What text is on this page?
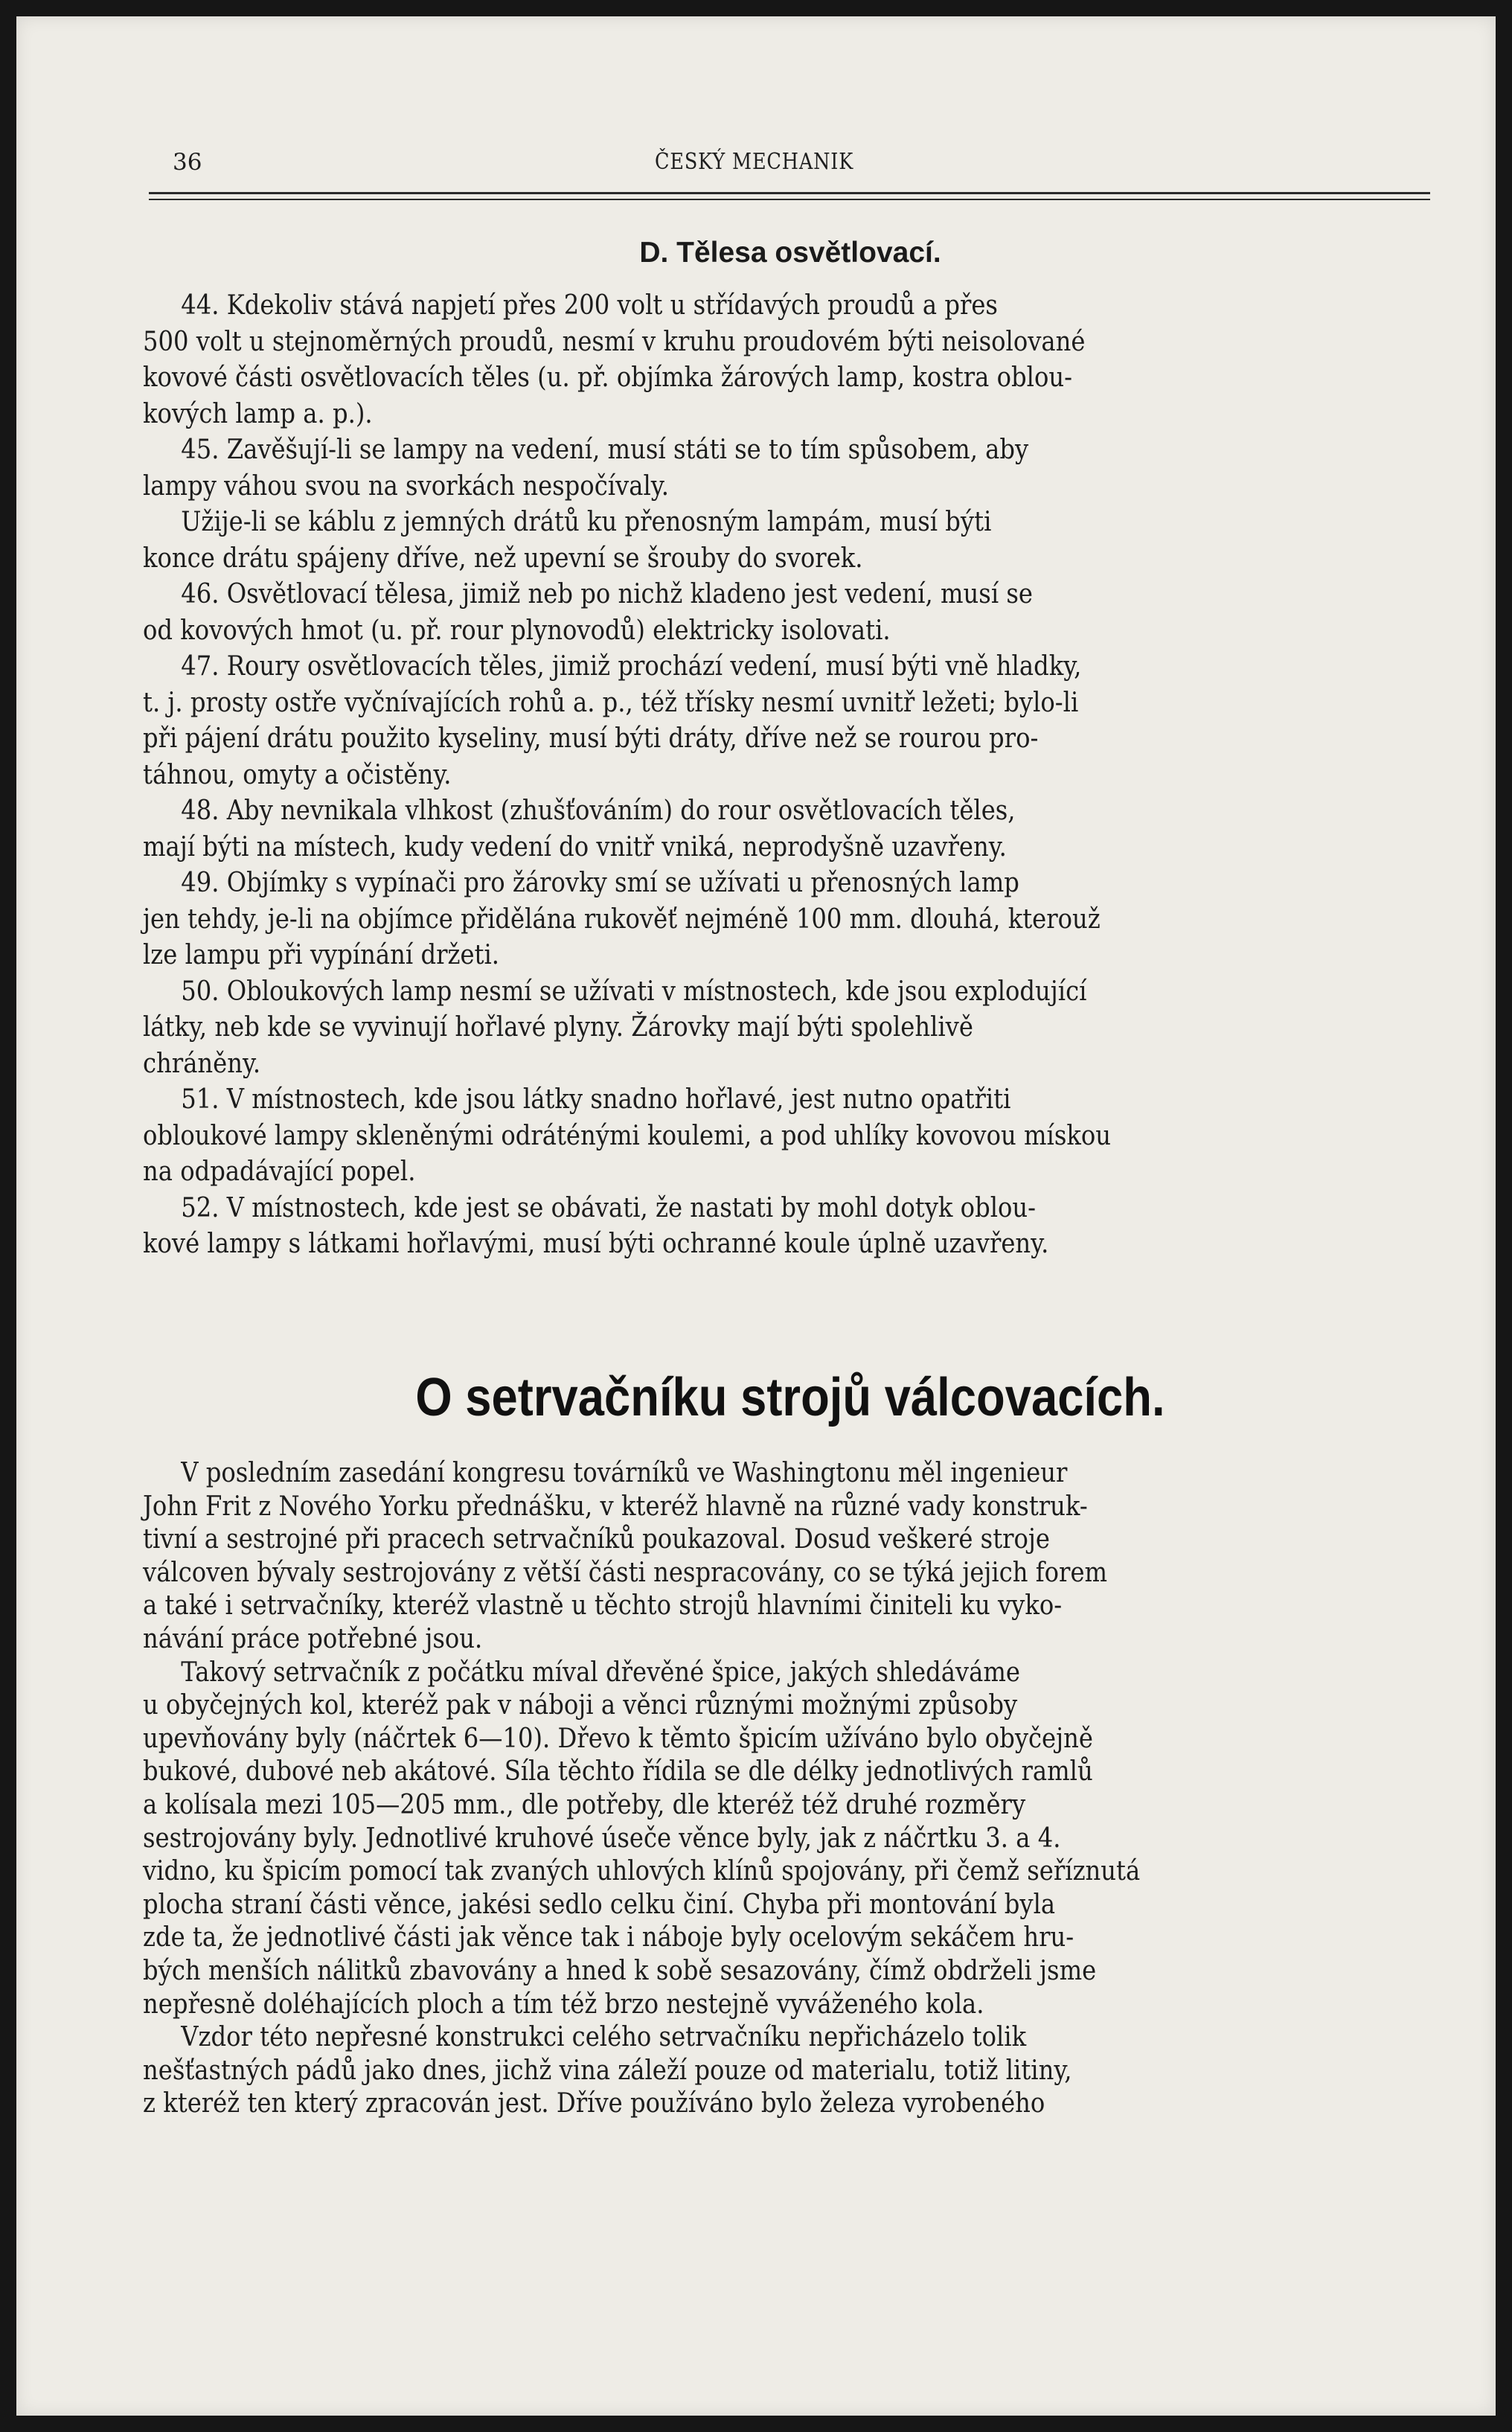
36	ČESKÝ MECHANIK
D. Tělesa osvětlovací.
44. Kdekoliv stává napjetí přes 200 volt u střídavých proudů a přes
500 volt u stejnoměrných proudů, nesmí v kruhu proudovém býti neisolované
kovové části osvětlovacích těles (u. př. objímka žárových lamp, kostra oblou-
kových lamp a. p.).
45. Zavěšují-li se lampy na vedení, musí státi se to tím spůsobem, aby
lampy váhou svou na svorkách nespočívaly.
Užije-li se káblu z jemných drátů ku přenosným lampám, musí býti
konce drátu spájeny dříve, než upevní se šrouby do svorek.
46. Osvětlovací tělesa, jimiž neb po nichž kladeno jest vedení, musí se
od kovových hmot (u. př. rour plynovodů) elektricky isolovati.
47. Roury osvětlovacích těles, jimiž prochází vedení, musí býti vně hladky,
t. j. prosty ostře vyčnívajících rohů a. p., též třísky nesmí uvnitř ležeti; bylo-li
při pájení drátu použito kyseliny, musí býti dráty, dříve než se rourou pro-
táhnou, omyty a očistěny.
48. Aby nevnikala vlhkost (zhušťováním) do rour osvětlovacích těles,
mají býti na místech, kudy vedení do vnitř vniká, neprodyšně uzavřeny.
49. Objímky s vypínači pro žárovky smí se užívati u přenosných lamp
jen tehdy, je-li na objímce přidělána rukověť nejméně 100 mm. dlouhá, kterouž
lze lampu při vypínání držeti.
50. Obloukových lamp nesmí se užívati v místnostech, kde jsou explodující
látky, neb kde se vyvinují hořlavé plyny. Žárovky mají býti spolehlivě
chráněny.
51. V místnostech, kde jsou látky snadno hořlavé, jest nutno opatřiti
obloukové lampy skleněnými odráténými koulemi, a pod uhlíky kovovou mískou
na odpadávající popel.
52. V místnostech, kde jest se obávati, že nastati by mohl dotyk oblou-
kové lampy s látkami hořlavými, musí býti ochranné koule úplně uzavřeny.
O setrvačníku strojů válcovacích.
V posledním zasedání kongresu továrníků ve Washingtonu měl ingenieur
John Frit z Nového Yorku přednášku, v kteréž hlavně na různé vady konstruk-
tivní a sestrojné při pracech setrvačníků poukazoval. Dosud veškeré stroje
válcoven bývaly sestrojovány z větší části nespracovány, co se týká jejich forem
a také i setrvačníky, kteréž vlastně u těchto strojů hlavními činiteli ku vyko-
návání práce potřebné jsou.
Takový setrvačník z počátku míval dřevěné špice, jakých shledáváme
u obyčejných kol, kteréž pak v náboji a věnci různými možnými způsoby
upevňovány byly (náčrtek 6—10). Dřevo k těmto špicím užíváno bylo obyčejně
bukové, dubové neb akátové. Síla těchto řídila se dle délky jednotlivých ramlů
a kolísala mezi 105—205 mm., dle potřeby, dle kteréž též druhé rozměry
sestrojovány byly. Jednotlivé kruhové úseče věnce byly, jak z náčrtku 3. a 4.
vidno, ku špicím pomocí tak zvaných uhlových klínů spojovány, při čemž seříznutá
plocha straní části věnce, jakési sedlo celku činí. Chyba při montování byla
zde ta, že jednotlivé části jak věnce tak i náboje byly ocelovým sekáčem hru-
bých menších nálitků zbavovány a hned k sobě sesazovány, čímž obdrželi jsme
nepřesně doléhajících ploch a tím též brzo nestejně vyváženého kola.
Vzdor této nepřesné konstrukci celého setrvačníku nepřicházelo tolik
nešťastných pádů jako dnes, jichž vina záleží pouze od materialu, totiž litiny,
z kteréž ten který zpracován jest. Dříve používáno bylo železa vyrobeného
